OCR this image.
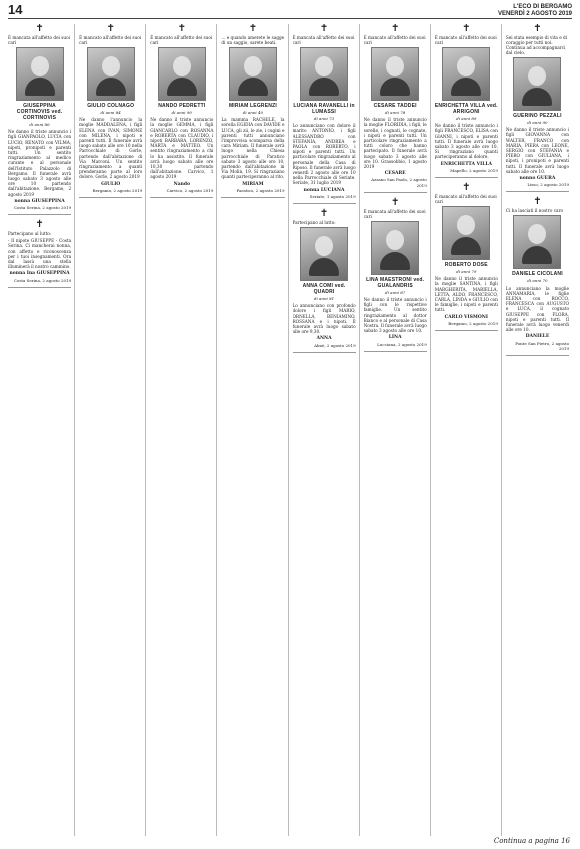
14	L'ECO DI BERGAMO
VENERDÌ 2 AGOSTO 2019
✝
È mancata all'affetto dei suoi cari
GIUSEPPINA CORTINOVIS ved. CORTINOVIS
di anni 86
Ne danno il triste annuncio i figli GIANPAOLO, LUCIA con LUCIO, RENATO con VILMA, nipoti, pronipoti e parenti tutti. Un sentito ringraziamento al medico curante e al personale dell'Istituto Palazzolo di Bergamo. Il funerale avrà luogo sabato 3 agosto alle ore 10 partendo dall'abitazione. Bergamo, 2 agosto 2019
nonna GIUSEPPINA
Costa Serina, 2 agosto 2019
✝
Partecipano al lutto:
- Il nipote GIUSEPPE - Costa Serina. Ci mancherai nonna, con affetto e riconoscenza per i tuoi insegnamenti. Ora dal lassù una stella illuminerà il nostro cammino.
nonna Ina GIUSEPPINA
Costa Serina, 2 agosto 2019
✝
È mancato all'affetto dei suoi cari
GIULIO COLNAGO
di anni 84
Ne danno l'annuncio la moglie MADDALENA, i figli ELENA con IVAN, SIMONE con MILENA, i nipoti e parenti tutti. Il funerale avrà luogo sabato alle ore 10 nella Parrocchiale di Gorle, partendo dall'abitazione di Via Marconi. Un sentito ringraziamento a quanti prenderanno parte al loro dolore. Gorle, 2 agosto 2019
GIULIO
Bergamo, 2 agosto 2019
✝
È mancato all'affetto dei suoi cari
NANDO PEDRETTI
di anni 90
Ne danno il triste annuncio la moglie GEMMA, i figli GIANCARLO con ROSANNA e ROBERTA con CLAUDIO, i nipoti BARBARA, LORENZO, MARTA e MATTEO. Un sentito ringraziamento a chi lo ha assistito. Il funerale avrà luogo sabato alle ore 10,30 partendo dall'abitazione. Carvico, 1 agosto 2019
Nando
Carvico, 2 agosto 2019
✝
... e quando amerete le sagge di un saggio, sarete beati.
MIRIAM LEGRENZI
di anni 40
La mamma RACHELE, la sorella EGIDIA con DAVIDE e LUCA, gli zii, le zie, i cugini e parenti tutti annunciano l'improvvisa scomparsa della cara Miriam. Il funerale avrà luogo nella Chiesa parrocchiale di Paratico sabato 3 agosto alle ore 10, partendo dall'abitazione in Via Molin, 19. Si ringraziano quanti parteciperanno al rito.
MIRIAM
Paratico, 2 agosto 2019
✝
È mancata all'affetto dei suoi cari
LUCIANA RAVANELLI in LUMASSI
di anni 73
Lo annunciano con dolore il marito ANTONIO, i figli ALESSANDRO con STEFANIA, ANDREA e PAOLA con ROBERTO, i nipoti e parenti tutti. Un particolare ringraziamento al personale della Casa di Riposo. Il funerale avrà luogo venerdì 2 agosto alle ore 10 nella Parrocchiale di Seriate. Seriate, 31 luglio 2019
nonna LUCIANA
Seriate, 1 agosto 2019
✝
Partecipano al lutto:
ANNA COMI ved. QUADRI
di anni 81
Lo annunciano con profondo dolore i figli MARIO, ORNELLA, BENIAMINO, ROSSANA e i nipoti. Il funerale avrà luogo sabato alle ore 9,30.
ANNA
Almè, 2 agosto 2019
✝
È mancato all'affetto dei suoi cari
CESARE TADDEI
di anni 78
Ne danno il triste annuncio la moglie FLORIDIA, i figli, le sorelle, i cognati, le cognate, i nipoti e parenti tutti. Un particolare ringraziamento a tutti coloro che hanno partecipato. Il funerale avrà luogo sabato 3 agosto alle ore 10. Grassobbio, 1 agosto 2019
CESARE
Azzano San Paolo, 2 agosto 2019
✝
È mancata all'affetto dei suoi cari
LINA MAESTRONI ved. GUALANDRIS
di anni 87
Ne danno il triste annuncio i figli con le rispettive famiglie. Un sentito ringraziamento al dottor Bianco e al personale di Casa Nostra. Il funerale avrà luogo sabato 3 agosto alle ore 10.
LINA
Lucciana, 2 agosto 2019
✝
È mancato all'affetto dei suoi cari
ENRICHETTA VILLA ved. ARRIGONI
di anni 89
Ne danno il triste annuncio i figli FRANCESCO, ELISA con GIANNI, i nipoti e parenti tutti. Il funerale avrà luogo sabato 3 agosto alle ore 10. Si ringraziano quanti parteciperanno al dolore.
ENRICHETTA VILLA
Mapello, 2 agosto 2019
✝
È mancato all'affetto dei suoi cari
ROBERTO DOSE
di anni 79
Ne danno il triste annuncio la moglie SANTINA, i figli MARGHERITA, MARIELLA, LETTA, ALDO, FRANCESCO, CARLA, LINDA e GIULIO con le famiglie, i nipoti e parenti tutti.
CARLO VISMONI
Bergamo, 2 agosto 2019
✝
Sei stata esempio di vita e di coraggio per tutti noi. Continua ad accompagnarci dal cielo.
GUERINO PEZZALI
di anni 90
Ne danno il triste annuncio i figli GIOVANNA con WALTER, FRANCO con MARIA, PIERA con LEONE, SERGIO con STEFANIA e PIERO con GIULIANA, i nipoti, i pronipoti e parenti tutti. Il funerale avrà luogo sabato alle ore 10.
nonno GUERA
Lisso, 2 agosto 2019
✝
Ci ha lasciati il nostro caro
DANIELE CICOLANI
di anni 70
Lo annunciano la moglie ANNAMARIA, le figlie ELENA con ROCCO, FRANCESCA con AUGUSTO e LUCA, il cognato GIUSEPPE con FLORA, nipoti e parenti tutti. Il funerale avrà luogo venerdì alle ore 10.
DANIELE
Ponte San Pietro, 2 agosto 2019
Continua a pagina 16
